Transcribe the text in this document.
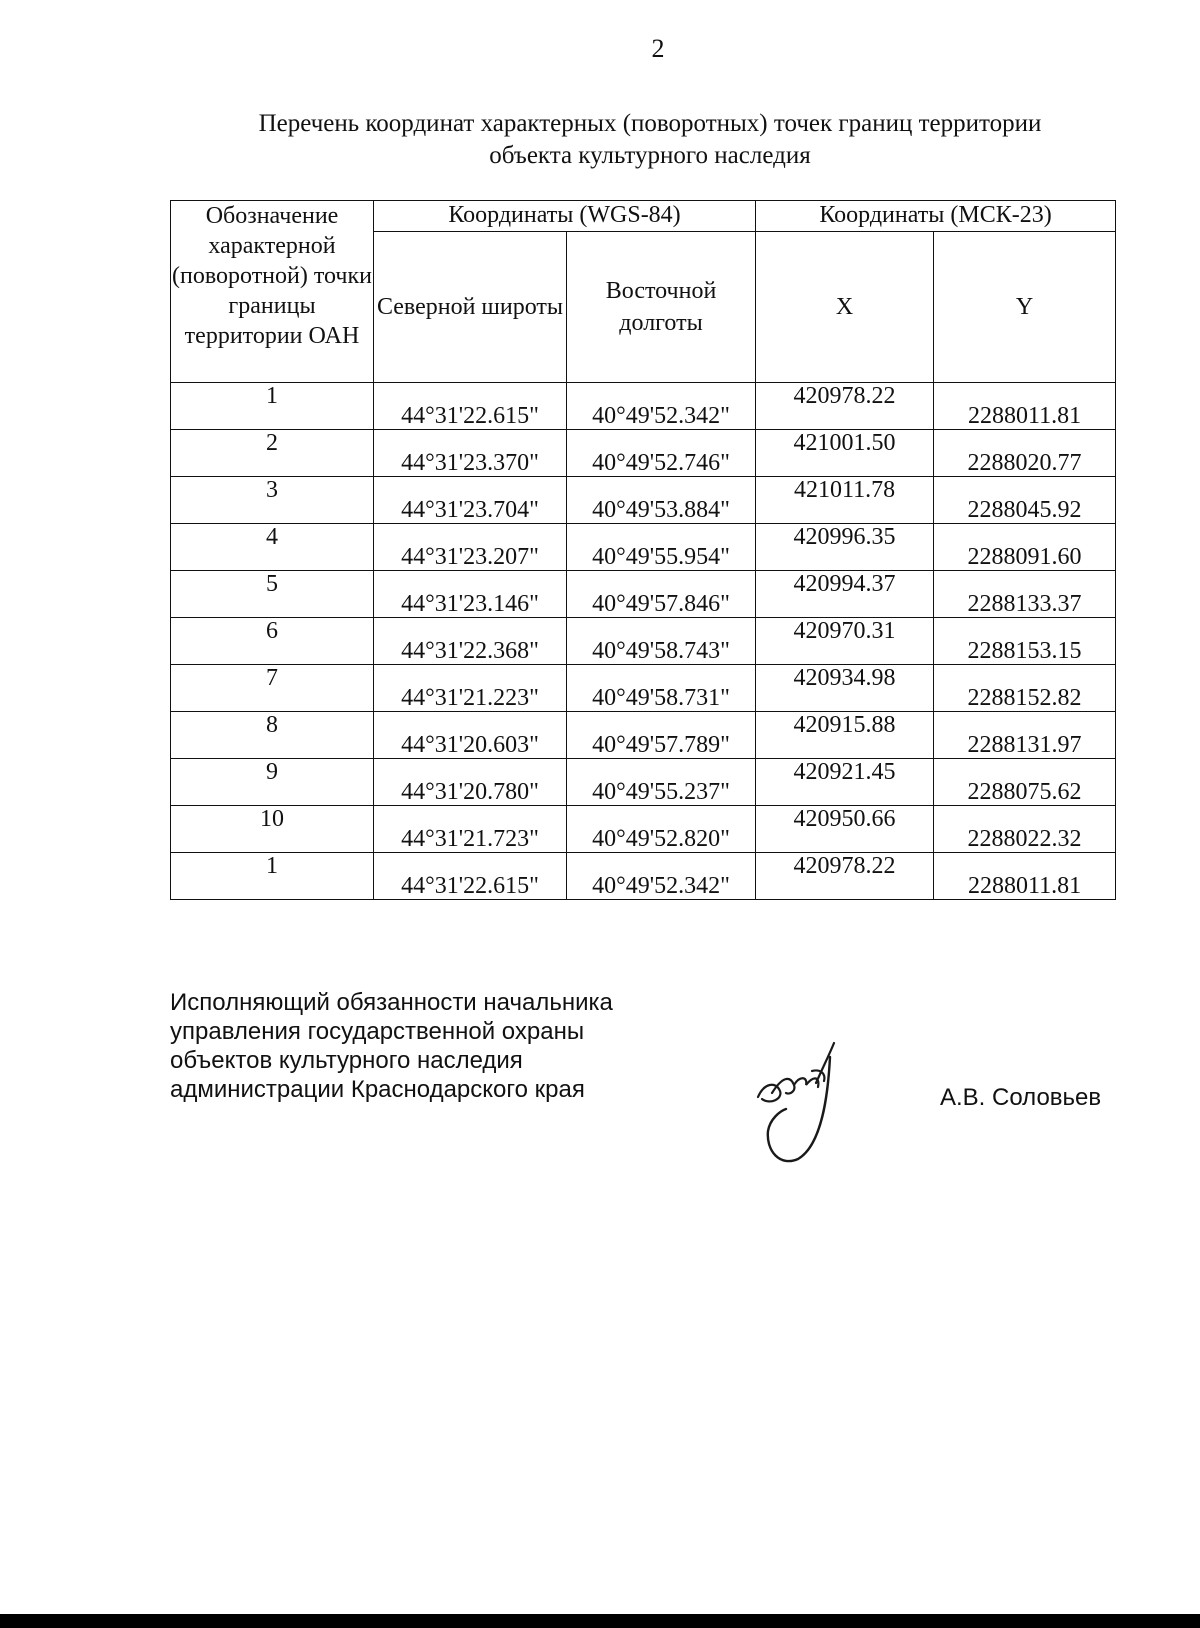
2
Перечень координат характерных (поворотных) точек границ территории
объекта культурного наследия
Обозначение характерной (поворотной) точки границы территории ОАН	Координаты (WGS-84)		Координаты (МСК-23)	
	Северной широты	Восточной долготы	X	Y
1	44°31'22.615"	40°49'52.342"	420978.22	2288011.81
2	44°31'23.370"	40°49'52.746"	421001.50	2288020.77
3	44°31'23.704"	40°49'53.884"	421011.78	2288045.92
4	44°31'23.207"	40°49'55.954"	420996.35	2288091.60
5	44°31'23.146"	40°49'57.846"	420994.37	2288133.37
6	44°31'22.368"	40°49'58.743"	420970.31	2288153.15
7	44°31'21.223"	40°49'58.731"	420934.98	2288152.82
8	44°31'20.603"	40°49'57.789"	420915.88	2288131.97
9	44°31'20.780"	40°49'55.237"	420921.45	2288075.62
10	44°31'21.723"	40°49'52.820"	420950.66	2288022.32
1	44°31'22.615"	40°49'52.342"	420978.22	2288011.81
Исполняющий обязанности начальника
управления государственной охраны
объектов культурного наследия
администрации Краснодарского края	А.В. Соловьев
